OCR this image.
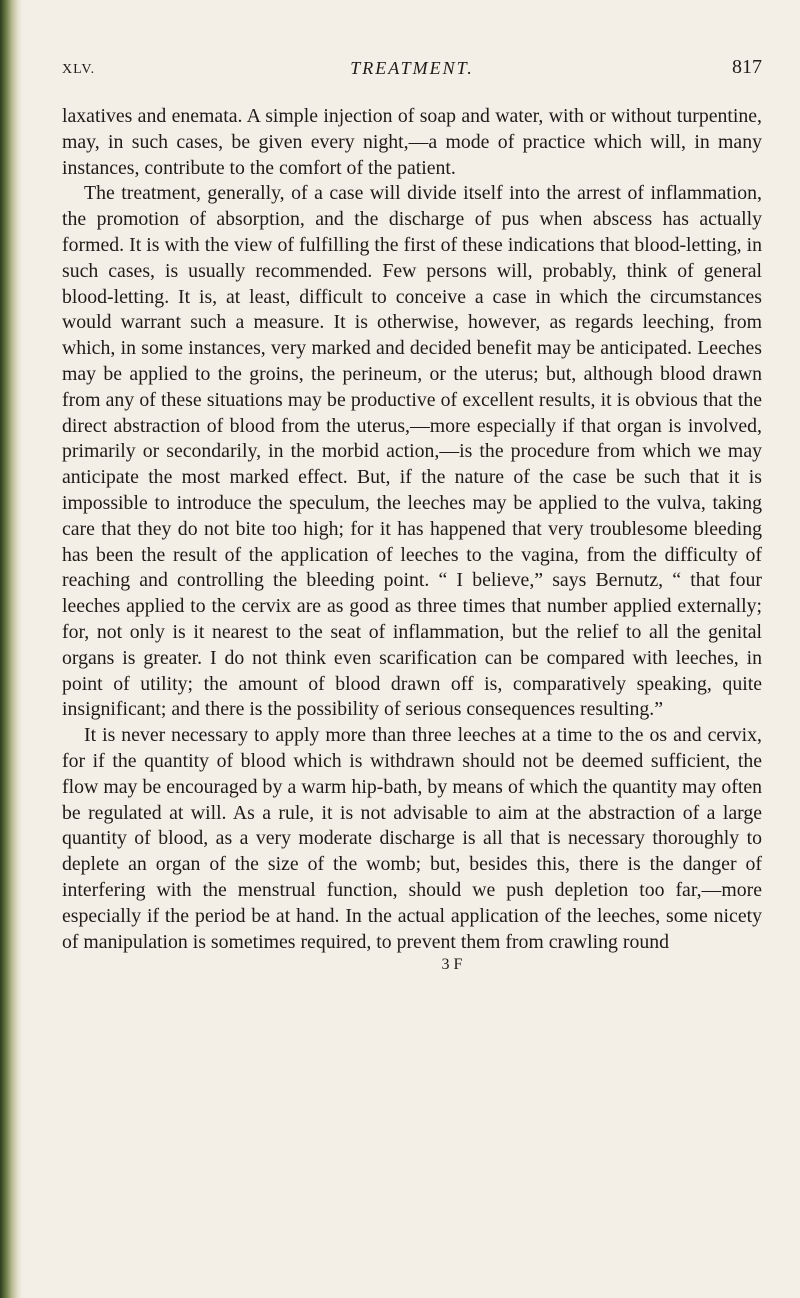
XLV.	TREATMENT.	817

laxatives and enemata. A simple injection of soap and water, with or without turpentine, may, in such cases, be given every night,—a mode of practice which will, in many instances, contribute to the comfort of the patient.

The treatment, generally, of a case will divide itself into the arrest of inflammation, the promotion of absorption, and the discharge of pus when abscess has actually formed. It is with the view of fulfilling the first of these indications that blood-letting, in such cases, is usually recommended. Few persons will, probably, think of general blood-letting. It is, at least, difficult to conceive a case in which the circumstances would warrant such a measure. It is otherwise, however, as regards leeching, from which, in some instances, very marked and decided benefit may be anticipated. Leeches may be applied to the groins, the perineum, or the uterus; but, although blood drawn from any of these situations may be productive of excellent results, it is obvious that the direct abstraction of blood from the uterus,—more especially if that organ is involved, primarily or secondarily, in the morbid action,—is the procedure from which we may anticipate the most marked effect. But, if the nature of the case be such that it is impossible to introduce the speculum, the leeches may be applied to the vulva, taking care that they do not bite too high; for it has happened that very troublesome bleeding has been the result of the application of leeches to the vagina, from the difficulty of reaching and controlling the bleeding point. “ I believe,” says Bernutz, “ that four leeches applied to the cervix are as good as three times that number applied externally; for, not only is it nearest to the seat of inflammation, but the relief to all the genital organs is greater. I do not think even scarification can be compared with leeches, in point of utility; the amount of blood drawn off is, comparatively speaking, quite insignificant; and there is the possibility of serious consequences resulting.”

It is never necessary to apply more than three leeches at a time to the os and cervix, for if the quantity of blood which is withdrawn should not be deemed sufficient, the flow may be encouraged by a warm hip-bath, by means of which the quantity may often be regulated at will. As a rule, it is not advisable to aim at the abstraction of a large quantity of blood, as a very moderate discharge is all that is necessary thoroughly to deplete an organ of the size of the womb; but, besides this, there is the danger of interfering with the menstrual function, should we push depletion too far,—more especially if the period be at hand. In the actual application of the leeches, some nicety of manipulation is sometimes required, to prevent them from crawling round

3 F
